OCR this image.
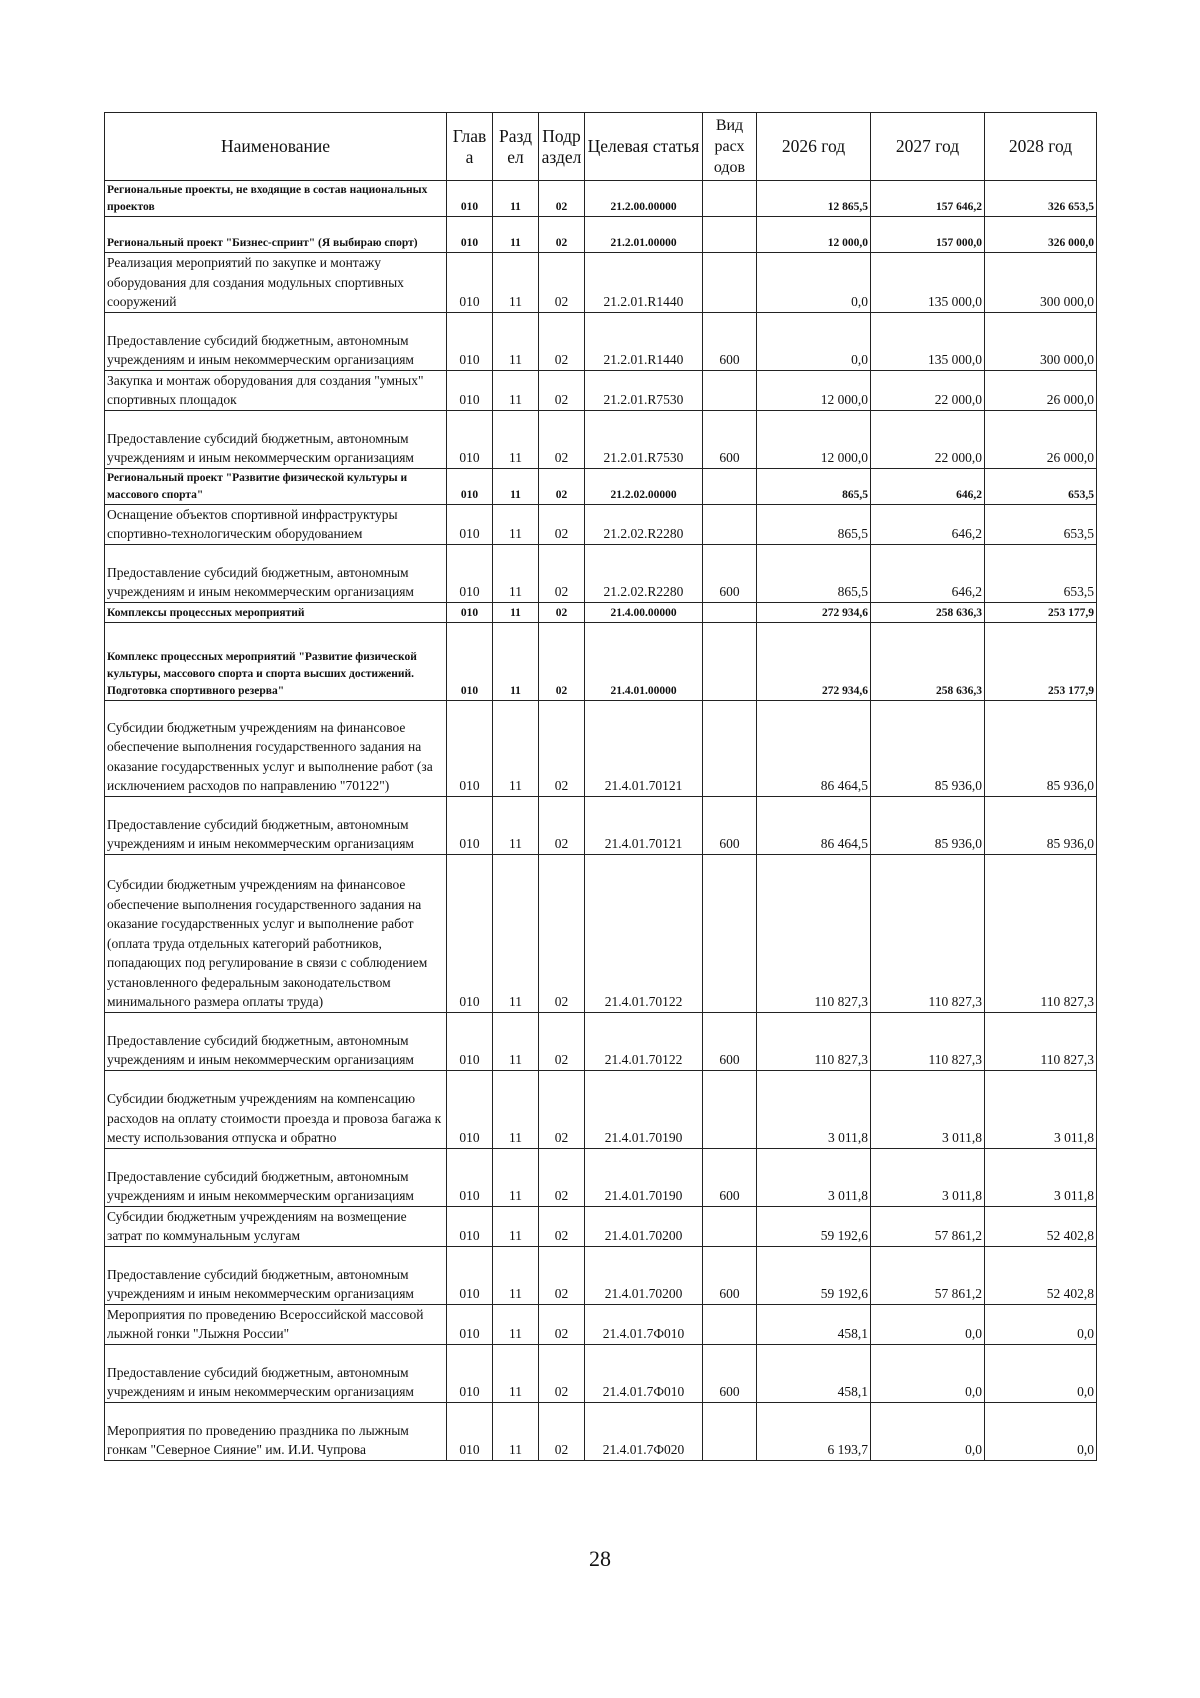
Наименование	Глав а	Разд ел	Подр аздел	Целевая статья	Вид расх одов	2026 год	2027 год	2028 год
Региональные проекты, не входящие в состав национальных проектов	010	11	02	21.2.00.00000		12 865,5	157 646,2	326 653,5
Региональный проект "Бизнес-спринт" (Я выбираю спорт)	010	11	02	21.2.01.00000		12 000,0	157 000,0	326 000,0
Реализация мероприятий по закупке и монтажу оборудования для создания модульных спортивных сооружений	010	11	02	21.2.01.R1440		0,0	135 000,0	300 000,0
Предоставление субсидий бюджетным, автономным учреждениям и иным некоммерческим организациям	010	11	02	21.2.01.R1440	600	0,0	135 000,0	300 000,0
Закупка и монтаж оборудования для создания "умных" спортивных площадок	010	11	02	21.2.01.R7530		12 000,0	22 000,0	26 000,0
Предоставление субсидий бюджетным, автономным учреждениям и иным некоммерческим организациям	010	11	02	21.2.01.R7530	600	12 000,0	22 000,0	26 000,0
Региональный проект "Развитие физической культуры и массового спорта"	010	11	02	21.2.02.00000		865,5	646,2	653,5
Оснащение объектов спортивной инфраструктуры спортивно-технологическим оборудованием	010	11	02	21.2.02.R2280		865,5	646,2	653,5
Предоставление субсидий бюджетным, автономным учреждениям и иным некоммерческим организациям	010	11	02	21.2.02.R2280	600	865,5	646,2	653,5
Комплексы процессных мероприятий	010	11	02	21.4.00.00000		272 934,6	258 636,3	253 177,9
Комплекс процессных мероприятий "Развитие физической культуры, массового спорта и спорта высших достижений. Подготовка спортивного резерва"	010	11	02	21.4.01.00000		272 934,6	258 636,3	253 177,9
Субсидии бюджетным учреждениям на финансовое обеспечение выполнения государственного задания на оказание государственных услуг и выполнение работ (за исключением расходов по направлению "70122")	010	11	02	21.4.01.70121		86 464,5	85 936,0	85 936,0
Предоставление субсидий бюджетным, автономным учреждениям и иным некоммерческим организациям	010	11	02	21.4.01.70121	600	86 464,5	85 936,0	85 936,0
Субсидии бюджетным учреждениям на финансовое обеспечение выполнения государственного задания на оказание государственных услуг и выполнение работ (оплата труда отдельных категорий работников, попадающих под регулирование в связи с соблюдением установленного федеральным законодательством минимального размера оплаты труда)	010	11	02	21.4.01.70122		110 827,3	110 827,3	110 827,3
Предоставление субсидий бюджетным, автономным учреждениям и иным некоммерческим организациям	010	11	02	21.4.01.70122	600	110 827,3	110 827,3	110 827,3
Субсидии бюджетным учреждениям на компенсацию расходов на оплату стоимости проезда и провоза багажа к месту использования отпуска и обратно	010	11	02	21.4.01.70190		3 011,8	3 011,8	3 011,8
Предоставление субсидий бюджетным, автономным учреждениям и иным некоммерческим организациям	010	11	02	21.4.01.70190	600	3 011,8	3 011,8	3 011,8
Субсидии бюджетным учреждениям на возмещение затрат по коммунальным услугам	010	11	02	21.4.01.70200		59 192,6	57 861,2	52 402,8
Предоставление субсидий бюджетным, автономным учреждениям и иным некоммерческим организациям	010	11	02	21.4.01.70200	600	59 192,6	57 861,2	52 402,8
Мероприятия по проведению Всероссийской массовой лыжной гонки "Лыжня России"	010	11	02	21.4.01.7Ф010		458,1	0,0	0,0
Предоставление субсидий бюджетным, автономным учреждениям и иным некоммерческим организациям	010	11	02	21.4.01.7Ф010	600	458,1	0,0	0,0
Мероприятия по проведению праздника по лыжным гонкам "Северное Сияние" им. И.И. Чупрова	010	11	02	21.4.01.7Ф020		6 193,7	0,0	0,0
28
